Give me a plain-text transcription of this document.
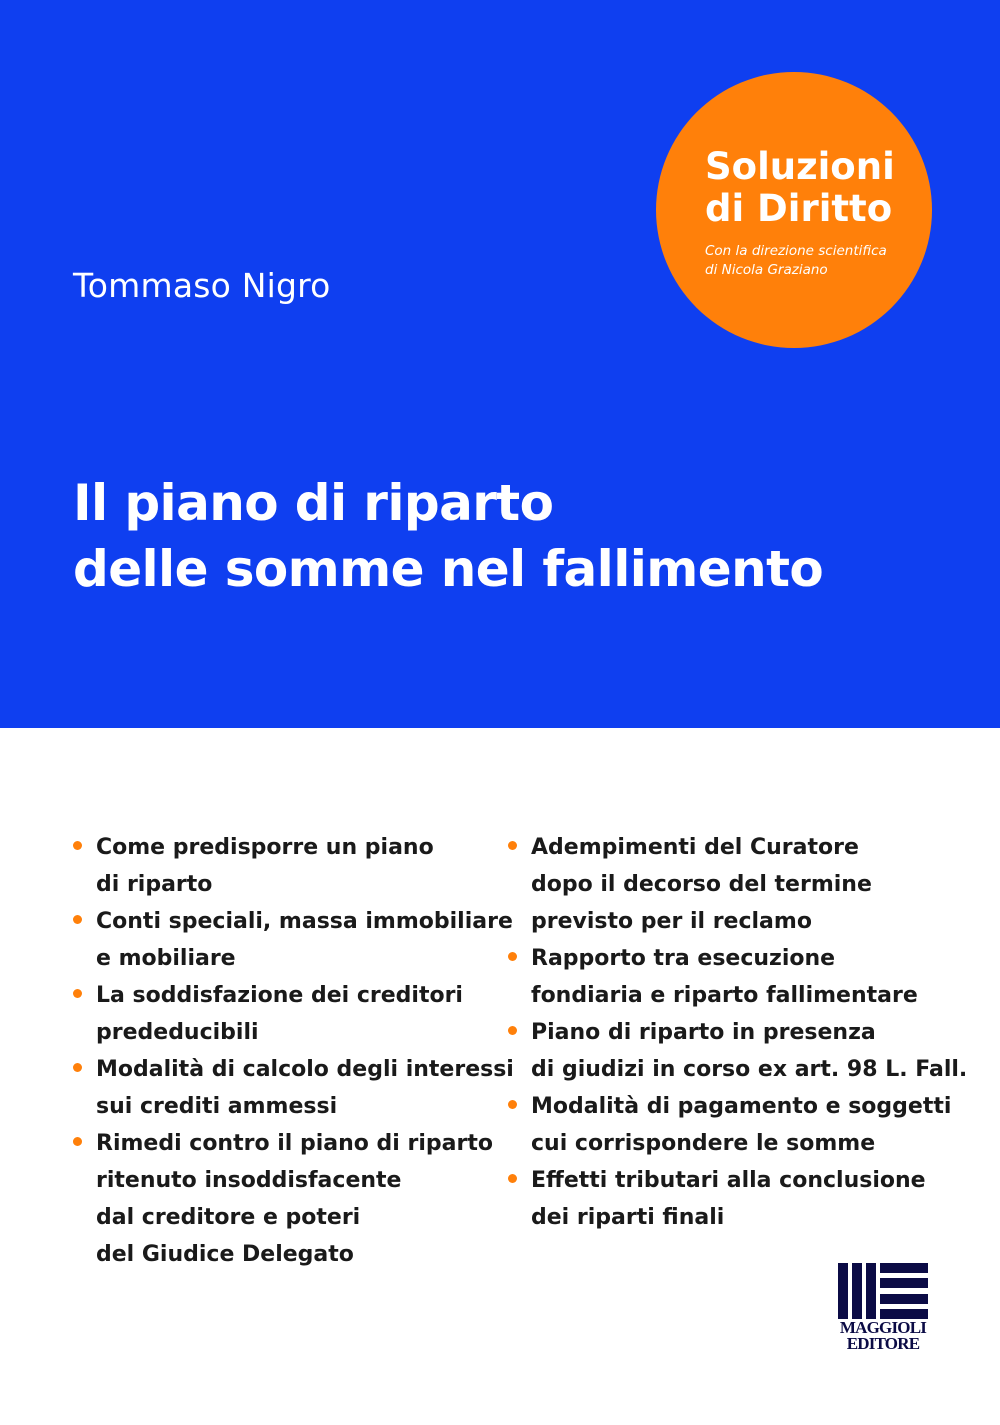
Tommaso Nigro
Il piano di riparto
delle somme nel fallimento
Soluzioni
di Diritto
Con la direzione scientifica
di Nicola Graziano
Come predisporre un piano
di riparto
Conti speciali, massa immobiliare
e mobiliare
La soddisfazione dei creditori
prededucibili
Modalità di calcolo degli interessi
sui crediti ammessi
Rimedi contro il piano di riparto
ritenuto insoddisfacente
dal creditore e poteri
del Giudice Delegato
Adempimenti del Curatore
dopo il decorso del termine
previsto per il reclamo
Rapporto tra esecuzione
fondiaria e riparto fallimentare
Piano di riparto in presenza
di giudizi in corso ex art. 98 L. Fall.
Modalità di pagamento e soggetti
cui corrispondere le somme
Effetti tributari alla conclusione
dei riparti finali
MAGGIOLI
EDITORE
